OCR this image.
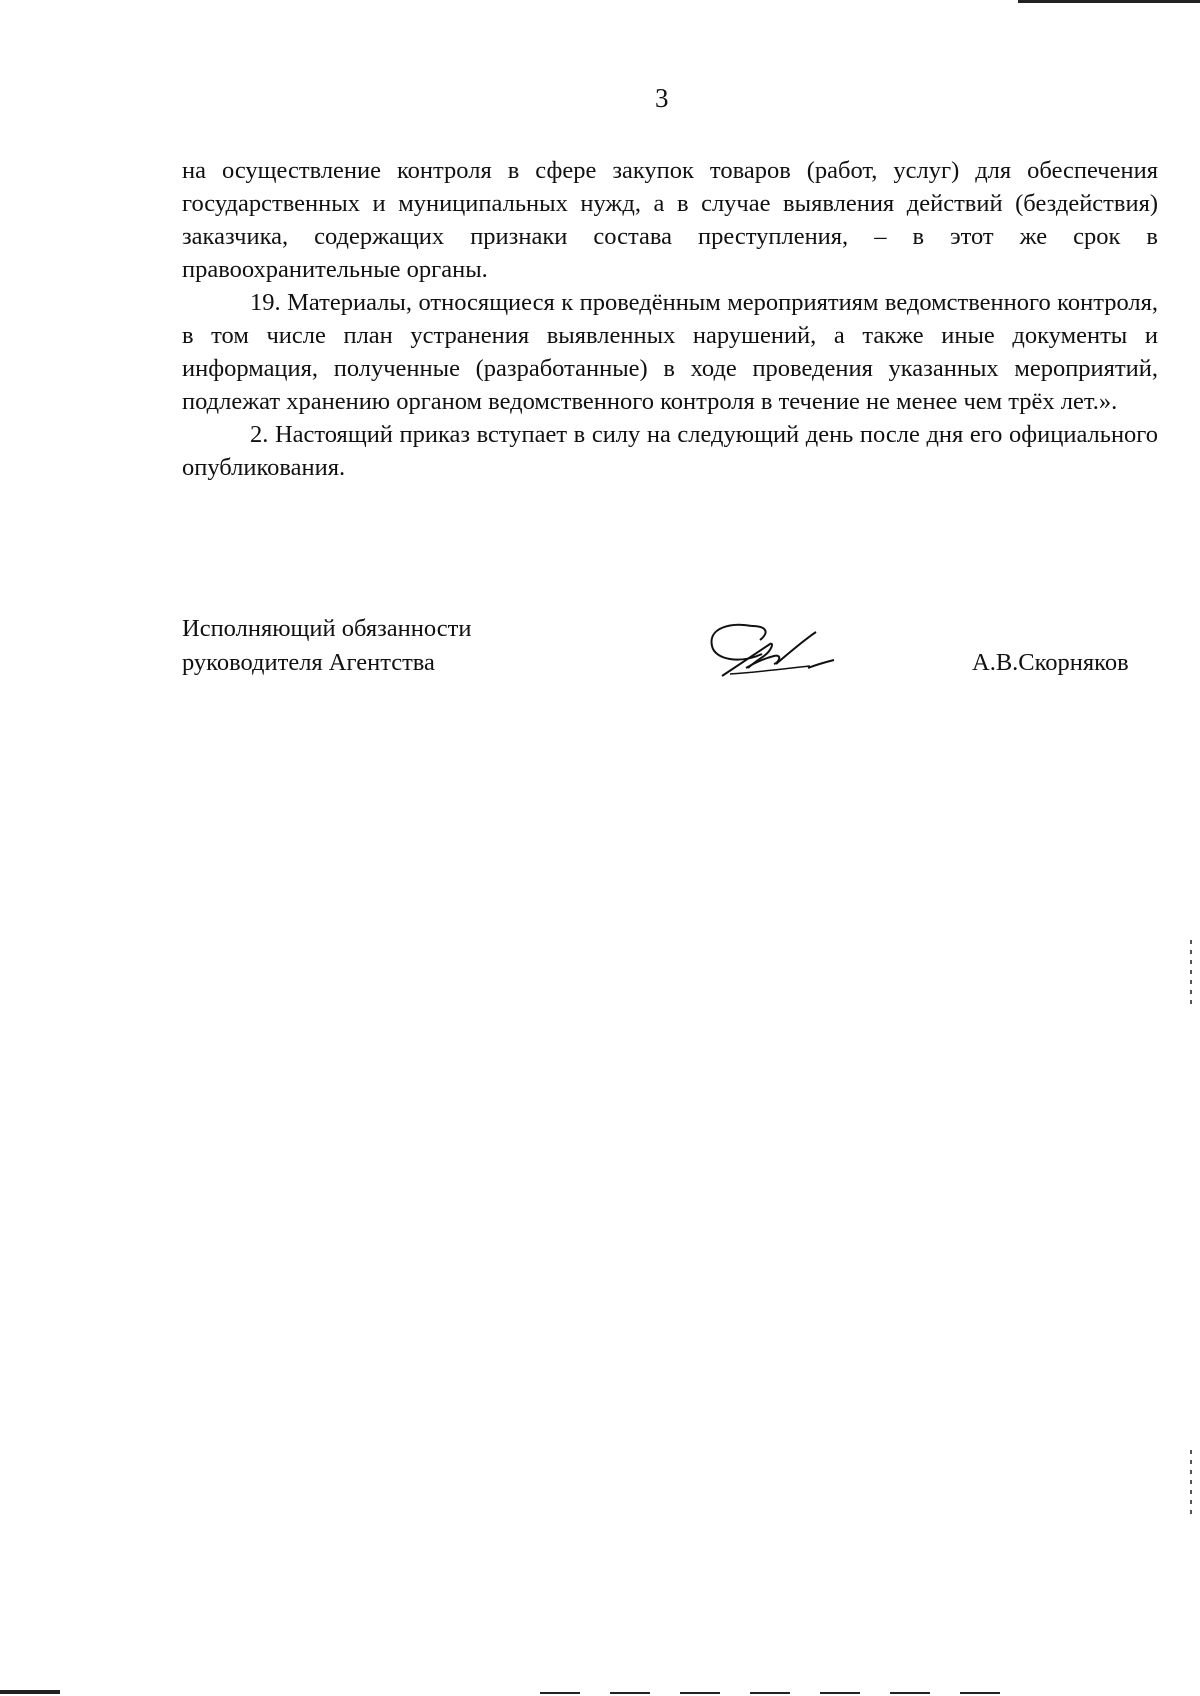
3

на осуществление контроля в сфере закупок товаров (работ, услуг) для обеспечения государственных и муниципальных нужд, а в случае выявления действий (бездействия) заказчика, содержащих признаки состава преступления, – в этот же срок в правоохранительные органы.

19. Материалы, относящиеся к проведённым мероприятиям ведомственного контроля, в том числе план устранения выявленных нарушений, а также иные документы и информация, полученные (разработанные) в ходе проведения указанных мероприятий, подлежат хранению органом ведомственного контроля в течение не менее чем трёх лет.».

2. Настоящий приказ вступает в силу на следующий день после дня его официального опубликования.

Исполняющий обязанности
руководителя Агентства	А.В.Скорняков
